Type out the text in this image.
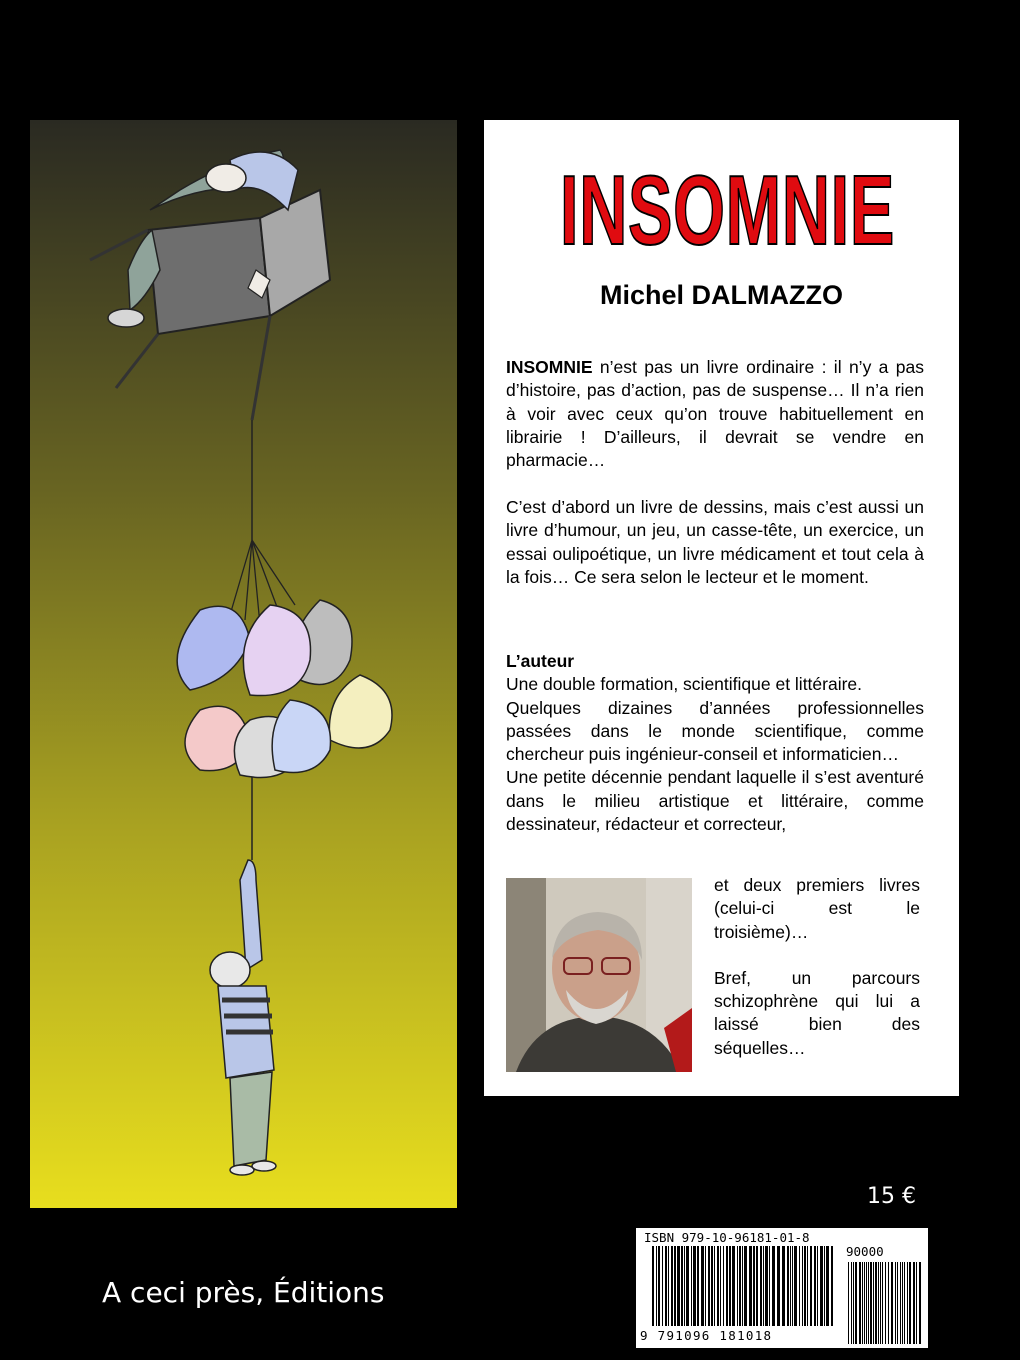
INSOMNIE
Michel DALMAZZO
INSOMNIE n’est pas un livre ordinaire : il n’y a pas d’histoire, pas d’action, pas de suspense… Il n’a rien à voir avec ceux qu’on trouve habituellement en librairie ! D’ailleurs, il devrait se vendre en pharmacie…
C’est d’abord un livre de dessins, mais c’est aussi un livre d’humour, un jeu, un casse-tête, un exercice, un essai oulipoétique, un livre médicament et tout cela à la fois… Ce sera selon le lecteur et le moment.
L’auteur
Une double formation, scientifique et littéraire.
Quelques dizaines d’années professionnelles passées dans le monde scientifique, comme chercheur puis ingénieur-conseil et informaticien…
Une petite décennie pendant laquelle il s’est aventuré dans le milieu artistique et littéraire, comme dessinateur, rédacteur et correcteur,
et deux premiers livres (celui-ci est le troisième)…
Bref, un parcours schizophrène qui lui a laissé bien des séquelles…
15 €
ISBN 979-10-96181-01-8
90000
9 791096 181018
A ceci près, Éditions
